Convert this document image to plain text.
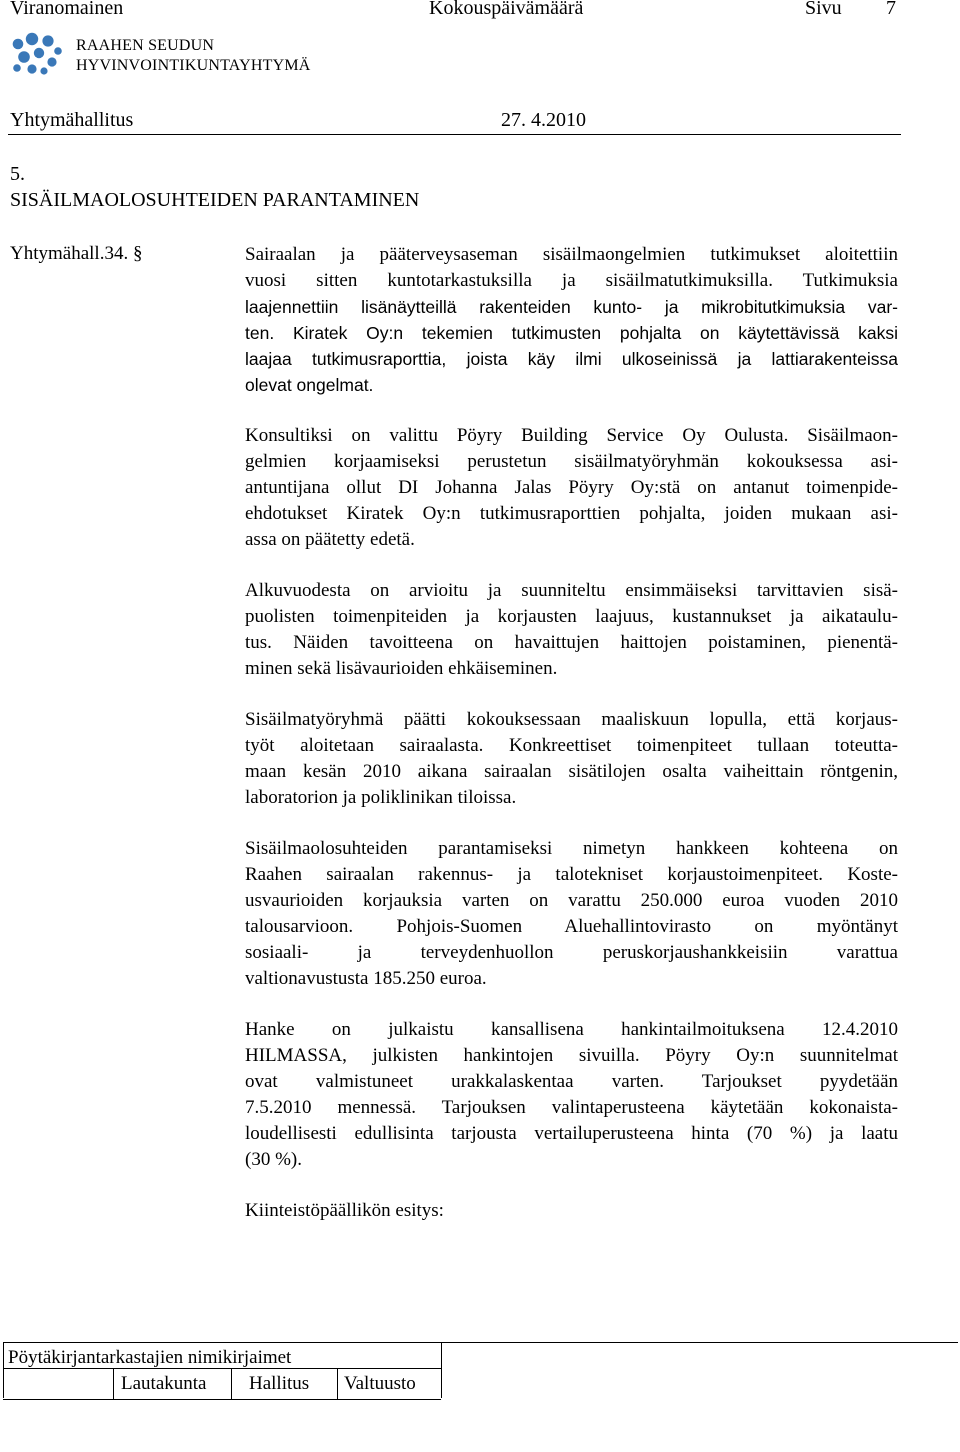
Viranomainen	Kokouspäivämäärä	Sivu 7
RAAHEN SEUDUN
HYVINVOINTIKUNTAYHTYMÄ
Yhtymähallitus	27. 4.2010
5.
SISÄILMAOLOSUHTEIDEN PARANTAMINEN
Yhtymähall.34. §	Sairaalan ja pääterveysaseman sisäilmaongelmien tutkimukset aloitettiin
vuosi sitten kuntotarkastuksilla ja sisäilmatutkimuksilla. Tutkimuksia
laajennettiin lisänäytteillä rakenteiden kunto- ja mikrobitutkimuksia var-
ten. Kiratek Oy:n tekemien tutkimusten pohjalta on käytettävissä kaksi
laajaa tutkimusraporttia, joista käy ilmi ulkoseinissä ja lattiarakenteissa
olevat ongelmat.

Konsultiksi on valittu Pöyry Building Service Oy Oulusta. Sisäilmaon-
gelmien korjaamiseksi perustetun sisäilmatyöryhmän kokouksessa asi-
antuntijana ollut DI Johanna Jalas Pöyry Oy:stä on antanut toimenpide-
ehdotukset Kiratek Oy:n tutkimusraporttien pohjalta, joiden mukaan asi-
assa on päätetty edetä.

Alkuvuodesta on arvioitu ja suunniteltu ensimmäiseksi tarvittavien sisä-
puolisten toimenpiteiden ja korjausten laajuus, kustannukset ja aikataulu-
tus. Näiden tavoitteena on havaittujen haittojen poistaminen, pienentä-
minen sekä lisävaurioiden ehkäiseminen.

Sisäilmatyöryhmä päätti kokouksessaan maaliskuun lopulla, että korjaus-
työt aloitetaan sairaalasta. Konkreettiset toimenpiteet tullaan toteutta-
maan kesän 2010 aikana sairaalan sisätilojen osalta vaiheittain röntgenin,
laboratorion ja poliklinikan tiloissa.

Sisäilmaolosuhteiden parantamiseksi nimetyn hankkeen kohteena on
Raahen sairaalan rakennus- ja talotekniset korjaustoimenpiteet. Koste-
usvaurioiden korjauksia varten on varattu 250.000 euroa vuoden 2010
talousarvioon. Pohjois-Suomen Aluehallintovirasto on myöntänyt
sosiaali- ja terveydenhuollon peruskorjaushankkeisiin varattua
valtionavustusta 185.250 euroa.

Hanke on julkaistu kansallisena hankintailmoituksena 12.4.2010
HILMASSA, julkisten hankintojen sivuilla. Pöyry Oy:n suunnitelmat
ovat valmistuneet urakkalaskentaa varten. Tarjoukset pyydetään
7.5.2010 mennessä. Tarjouksen valintaperusteena käytetään kokonaista-
loudellisesti edullisinta tarjousta vertailuperusteena hinta (70 %) ja laatu
(30 %).

Kiinteistöpäällikön esitys:

Pöytäkirjantarkastajien nimikirjaimet
Lautakunta	Hallitus	Valtuusto
